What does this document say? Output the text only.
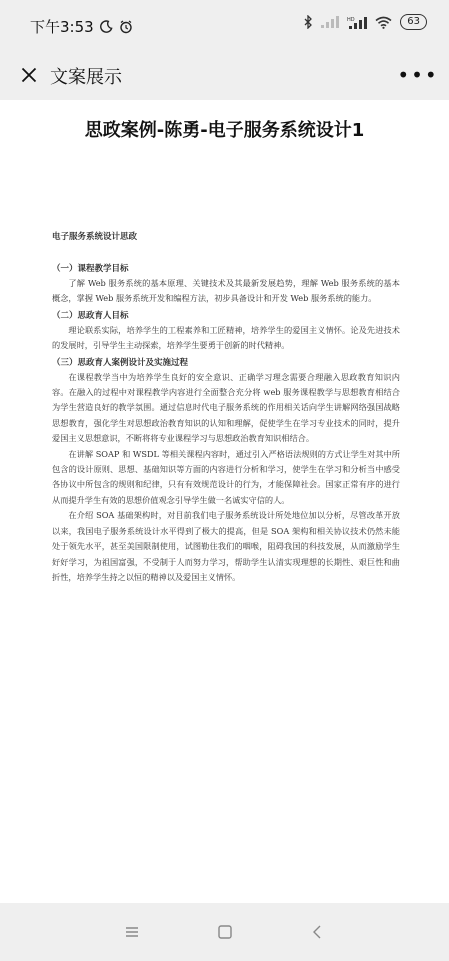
下午3:53	HD	63
文案展示	•••
思政案例-陈勇-电子服务系统设计1
电子服务系统设计思政
（一）课程教学目标

了解 Web 服务系统的基本原理、关键技术及其最新发展趋势，理解 Web 服务系统的基本概念，掌握 Web 服务系统开发和编程方法，初步具备设计和开发 Web 服务系统的能力。

（二）思政育人目标

理论联系实际，培养学生的工程素养和工匠精神，培养学生的爱国主义情怀。论及先进技术的发展时，引导学生主动探索，培养学生要勇于创新的时代精神。

（三）思政育人案例设计及实施过程

在课程教学当中为培养学生良好的安全意识、正确学习理念需要合理融入思政教育知识内容。在融入的过程中对课程教学内容进行全面整合充分将 web 服务课程教学与思想教育相结合为学生营造良好的教学氛围。通过信息时代电子服务系统的作用相关话向学生讲解网络强国战略思想教育，强化学生对思想政治教育知识的认知和理解，促使学生在学习专业技术的同时，提升爱国主义思想意识，不断将将专业课程学习与思想政治教育知识相结合。

在讲解 SOAP 和 WSDL 等相关课程内容时，通过引入严格语法规则的方式让学生对其中所包含的设计原则、思想、基础知识等方面的内容进行分析和学习，使学生在学习和分析当中感受各协议中所包含的规则和纪律，只有有效规范设计的行为，才能保障社会。国家正常有序的进行从而提升学生有效的思想价值观念引导学生做一名诚实守信的人。

在介绍 SOA 基础架构时，对目前我们电子服务系统设计所处地位加以分析，尽管改革开放以来，我国电子服务系统设计水平得到了极大的提高，但是 SOA 架构和相关协议技术仍然未能处于领先水平，甚至美国限制使用，试图勒住我们的咽喉，阻碍我国的科技发展，从而激励学生好好学习，为祖国富强，不受制于人而努力学习，帮助学生认清实现理想的长期性、艰巨性和曲折性，培养学生持之以恒的精神以及爱国主义情怀。
